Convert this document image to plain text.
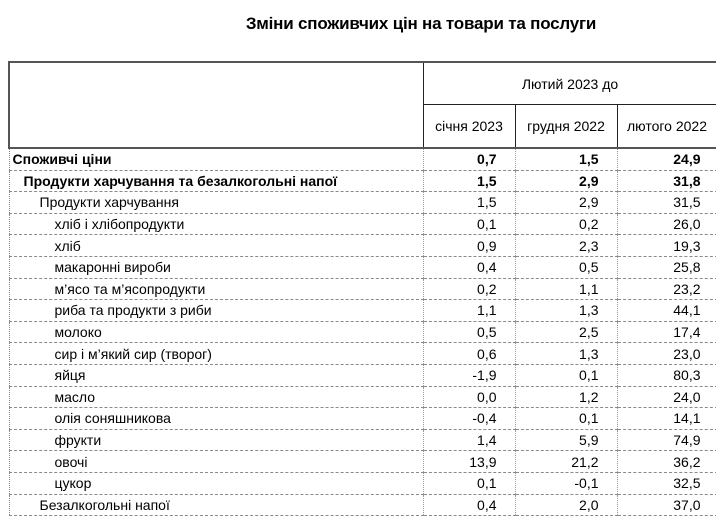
Зміни споживчих цін на товари та послуги
	Лютий 2023 до		
	січня 2023	грудня 2022	лютого 2022
Споживчі ціни	0,7	1,5	24,9
Продукти харчування та безалкогольні напої	1,5	2,9	31,8
Продукти харчування	1,5	2,9	31,5
хліб і хлібопродукти	0,1	0,2	26,0
хліб	0,9	2,3	19,3
макаронні вироби	0,4	0,5	25,8
м’ясо та м’ясопродукти	0,2	1,1	23,2
риба та продукти з риби	1,1	1,3	44,1
молоко	0,5	2,5	17,4
сир і м’який сир (творог)	0,6	1,3	23,0
яйця	-1,9	0,1	80,3
масло	0,0	1,2	24,0
олія соняшникова	-0,4	0,1	14,1
фрукти	1,4	5,9	74,9
овочі	13,9	21,2	36,2
цукор	0,1	-0,1	32,5
Безалкогольні напої	0,4	2,0	37,0
